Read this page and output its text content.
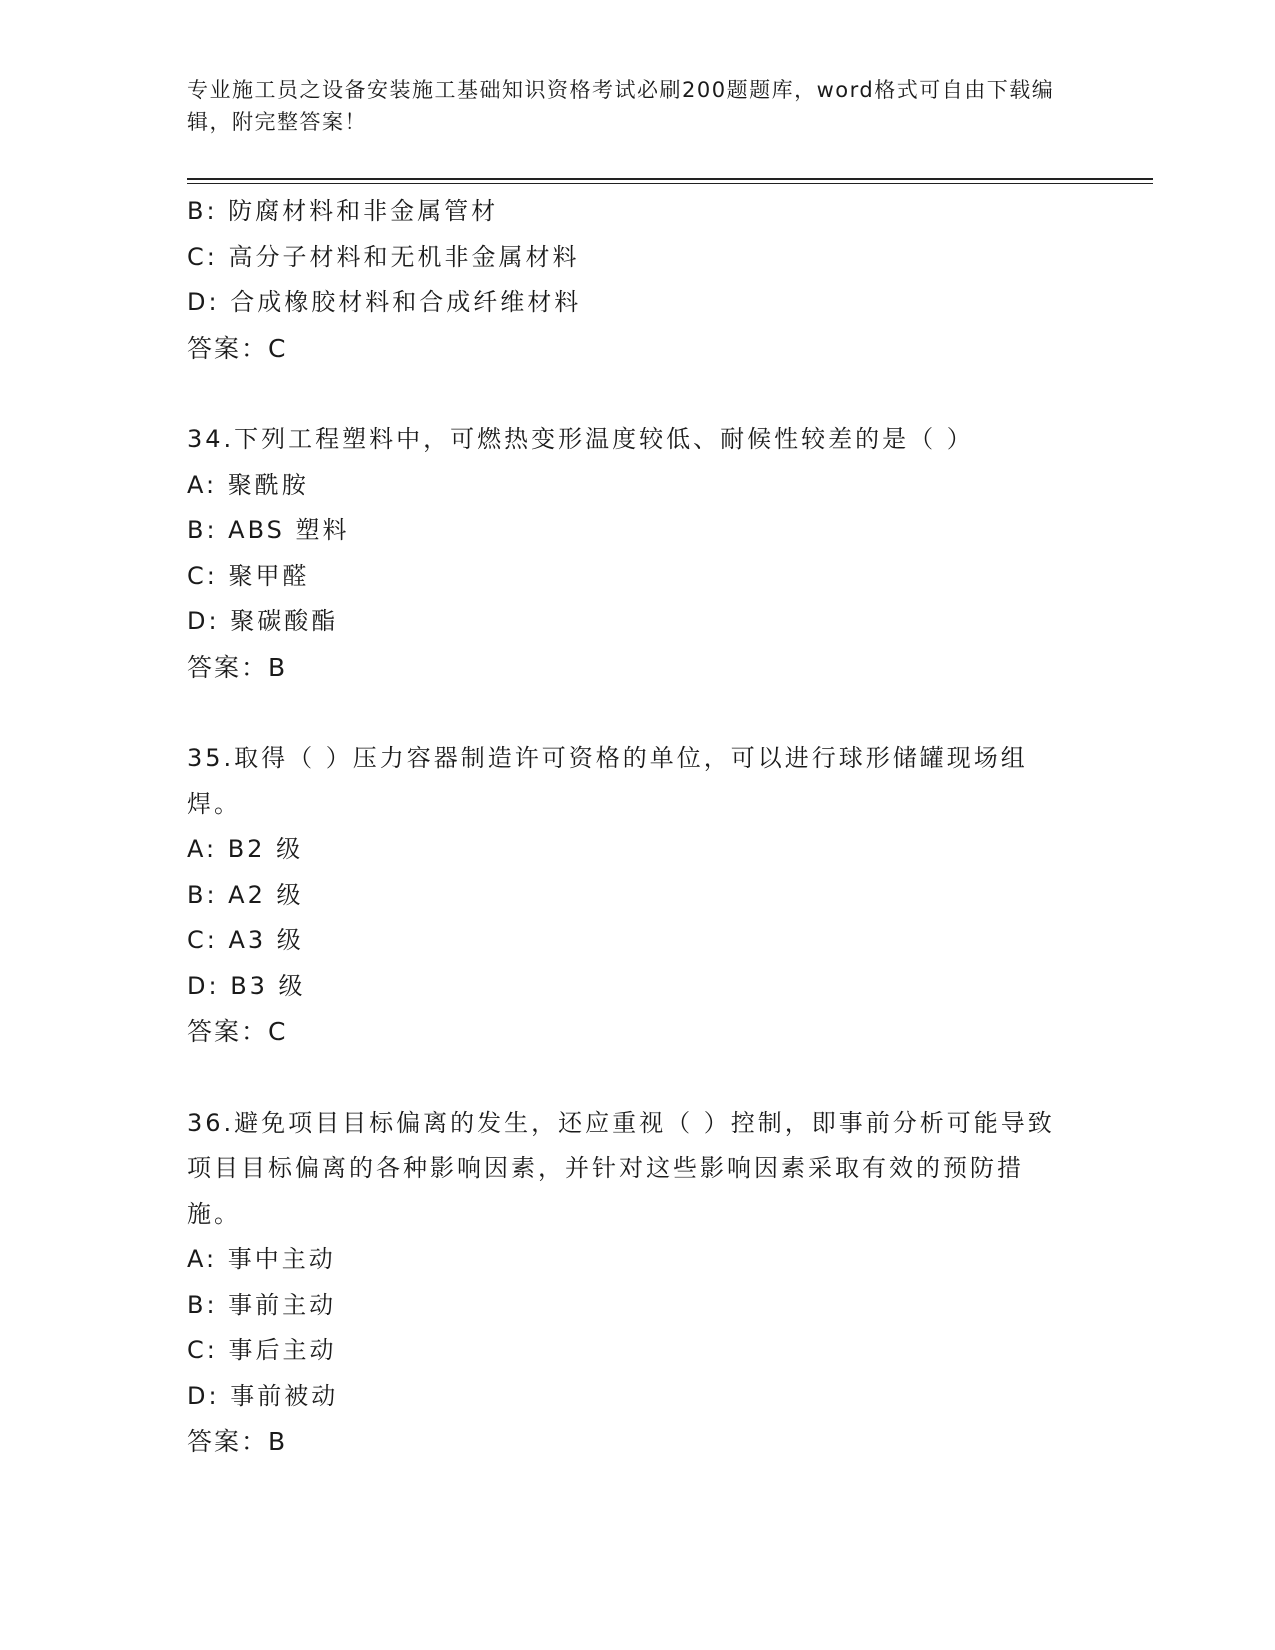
专业施工员之设备安装施工基础知识资格考试必刷200题题库，word格式可自由下载编辑，附完整答案！
B: 防腐材料和非金属管材
C: 高分子材料和无机非金属材料
D: 合成橡胶材料和合成纤维材料
答案：C
34.下列工程塑料中，可燃热变形温度较低、耐候性较差的是（ ）
A: 聚酰胺
B: ABS 塑料
C: 聚甲醛
D: 聚碳酸酯
答案：B
35.取得（ ）压力容器制造许可资格的单位，可以进行球形储罐现场组焊。
A: B2 级
B: A2 级
C: A3 级
D: B3 级
答案：C
36.避免项目目标偏离的发生，还应重视（ ）控制，即事前分析可能导致项目目标偏离的各种影响因素，并针对这些影响因素采取有效的预防措施。
A: 事中主动
B: 事前主动
C: 事后主动
D: 事前被动
答案：B
